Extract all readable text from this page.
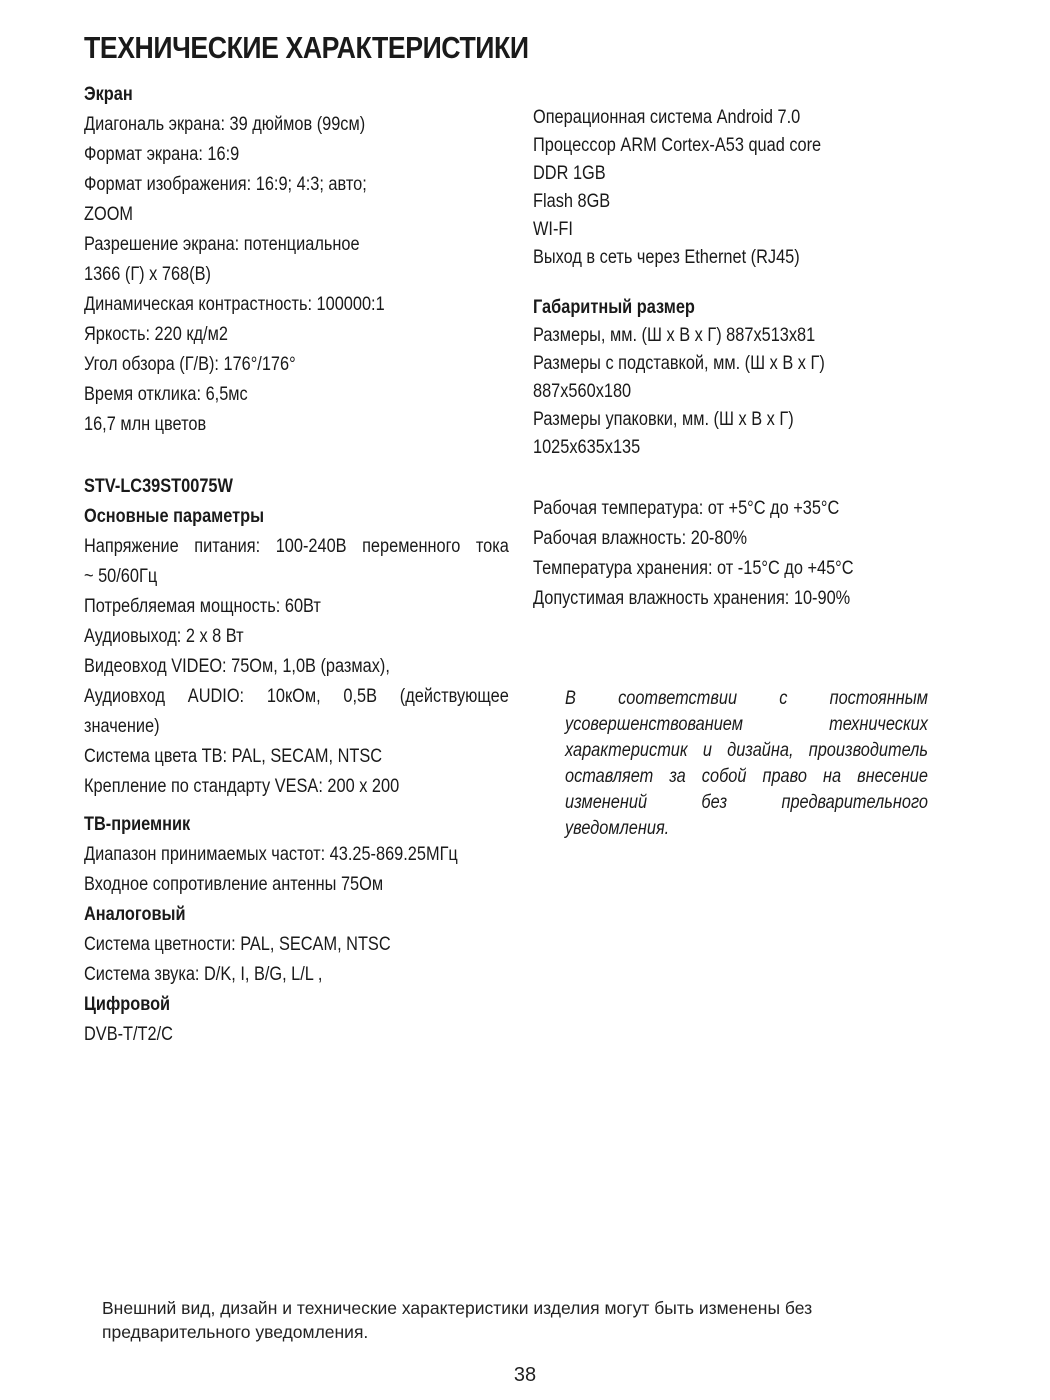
ТЕХНИЧЕСКИЕ ХАРАКТЕРИСТИКИ
Экран
Диагональ экрана: 39 дюймов (99см)
Формат экрана: 16:9
Формат изображения: 16:9; 4:3; авто;
ZOOM
Разрешение экрана: потенциальное
1366 (Г) х 768(В)
Динамическая контрастность: 100000:1
Яркость: 220 кд/м2
Угол обзора (Г/В): 176°/176°
Время отклика: 6,5мс
16,7 млн цветов
STV-LC39ST0075W
Основные параметры
Напряжение питания: 100-240В переменного тока
~ 50/60Гц
Потребляемая мощность: 60Вт
Аудиовыход: 2 х 8 Вт
Видеовход VIDEO: 75Ом, 1,0В (размах),
Аудиовход AUDIO: 10кОм, 0,5В (действующее
значение)
Система цвета ТВ: PAL, SECAM, NTSC
Крепление по стандарту VESA: 200 х 200
ТВ-приемник
Диапазон принимаемых частот: 43.25-869.25МГц
Входное сопротивление антенны 75Ом
Аналоговый
Система цветности: PAL, SECAM, NTSC
Система звука: D/K, I, B/G, L/L ,
Цифровой
DVB-T/T2/C
Операционная система Android 7.0
Процессор ARM Cortex-A53 quad core
DDR 1GB
Flash 8GB
WI-FI
Выход в сеть через Ethernet (RJ45)
Габаритный размер
Размеры, мм. (Ш х В х Г) 887х513х81
Размеры с подставкой, мм. (Ш х В х Г)
887х560х180
Размеры упаковки, мм. (Ш х В х Г)
1025х635х135
Рабочая температура: от +5°С до +35°С
Рабочая влажность: 20-80%
Температура хранения: от -15°С до +45°С
Допустимая влажность хранения: 10-90%
В соответствии с постоянным усовершенствованием технических характеристик и дизайна, производитель оставляет за собой право на внесение изменений без предварительного уведомления.
Внешний вид, дизайн и технические характеристики изделия могут быть изменены без предварительного уведомления.
38
